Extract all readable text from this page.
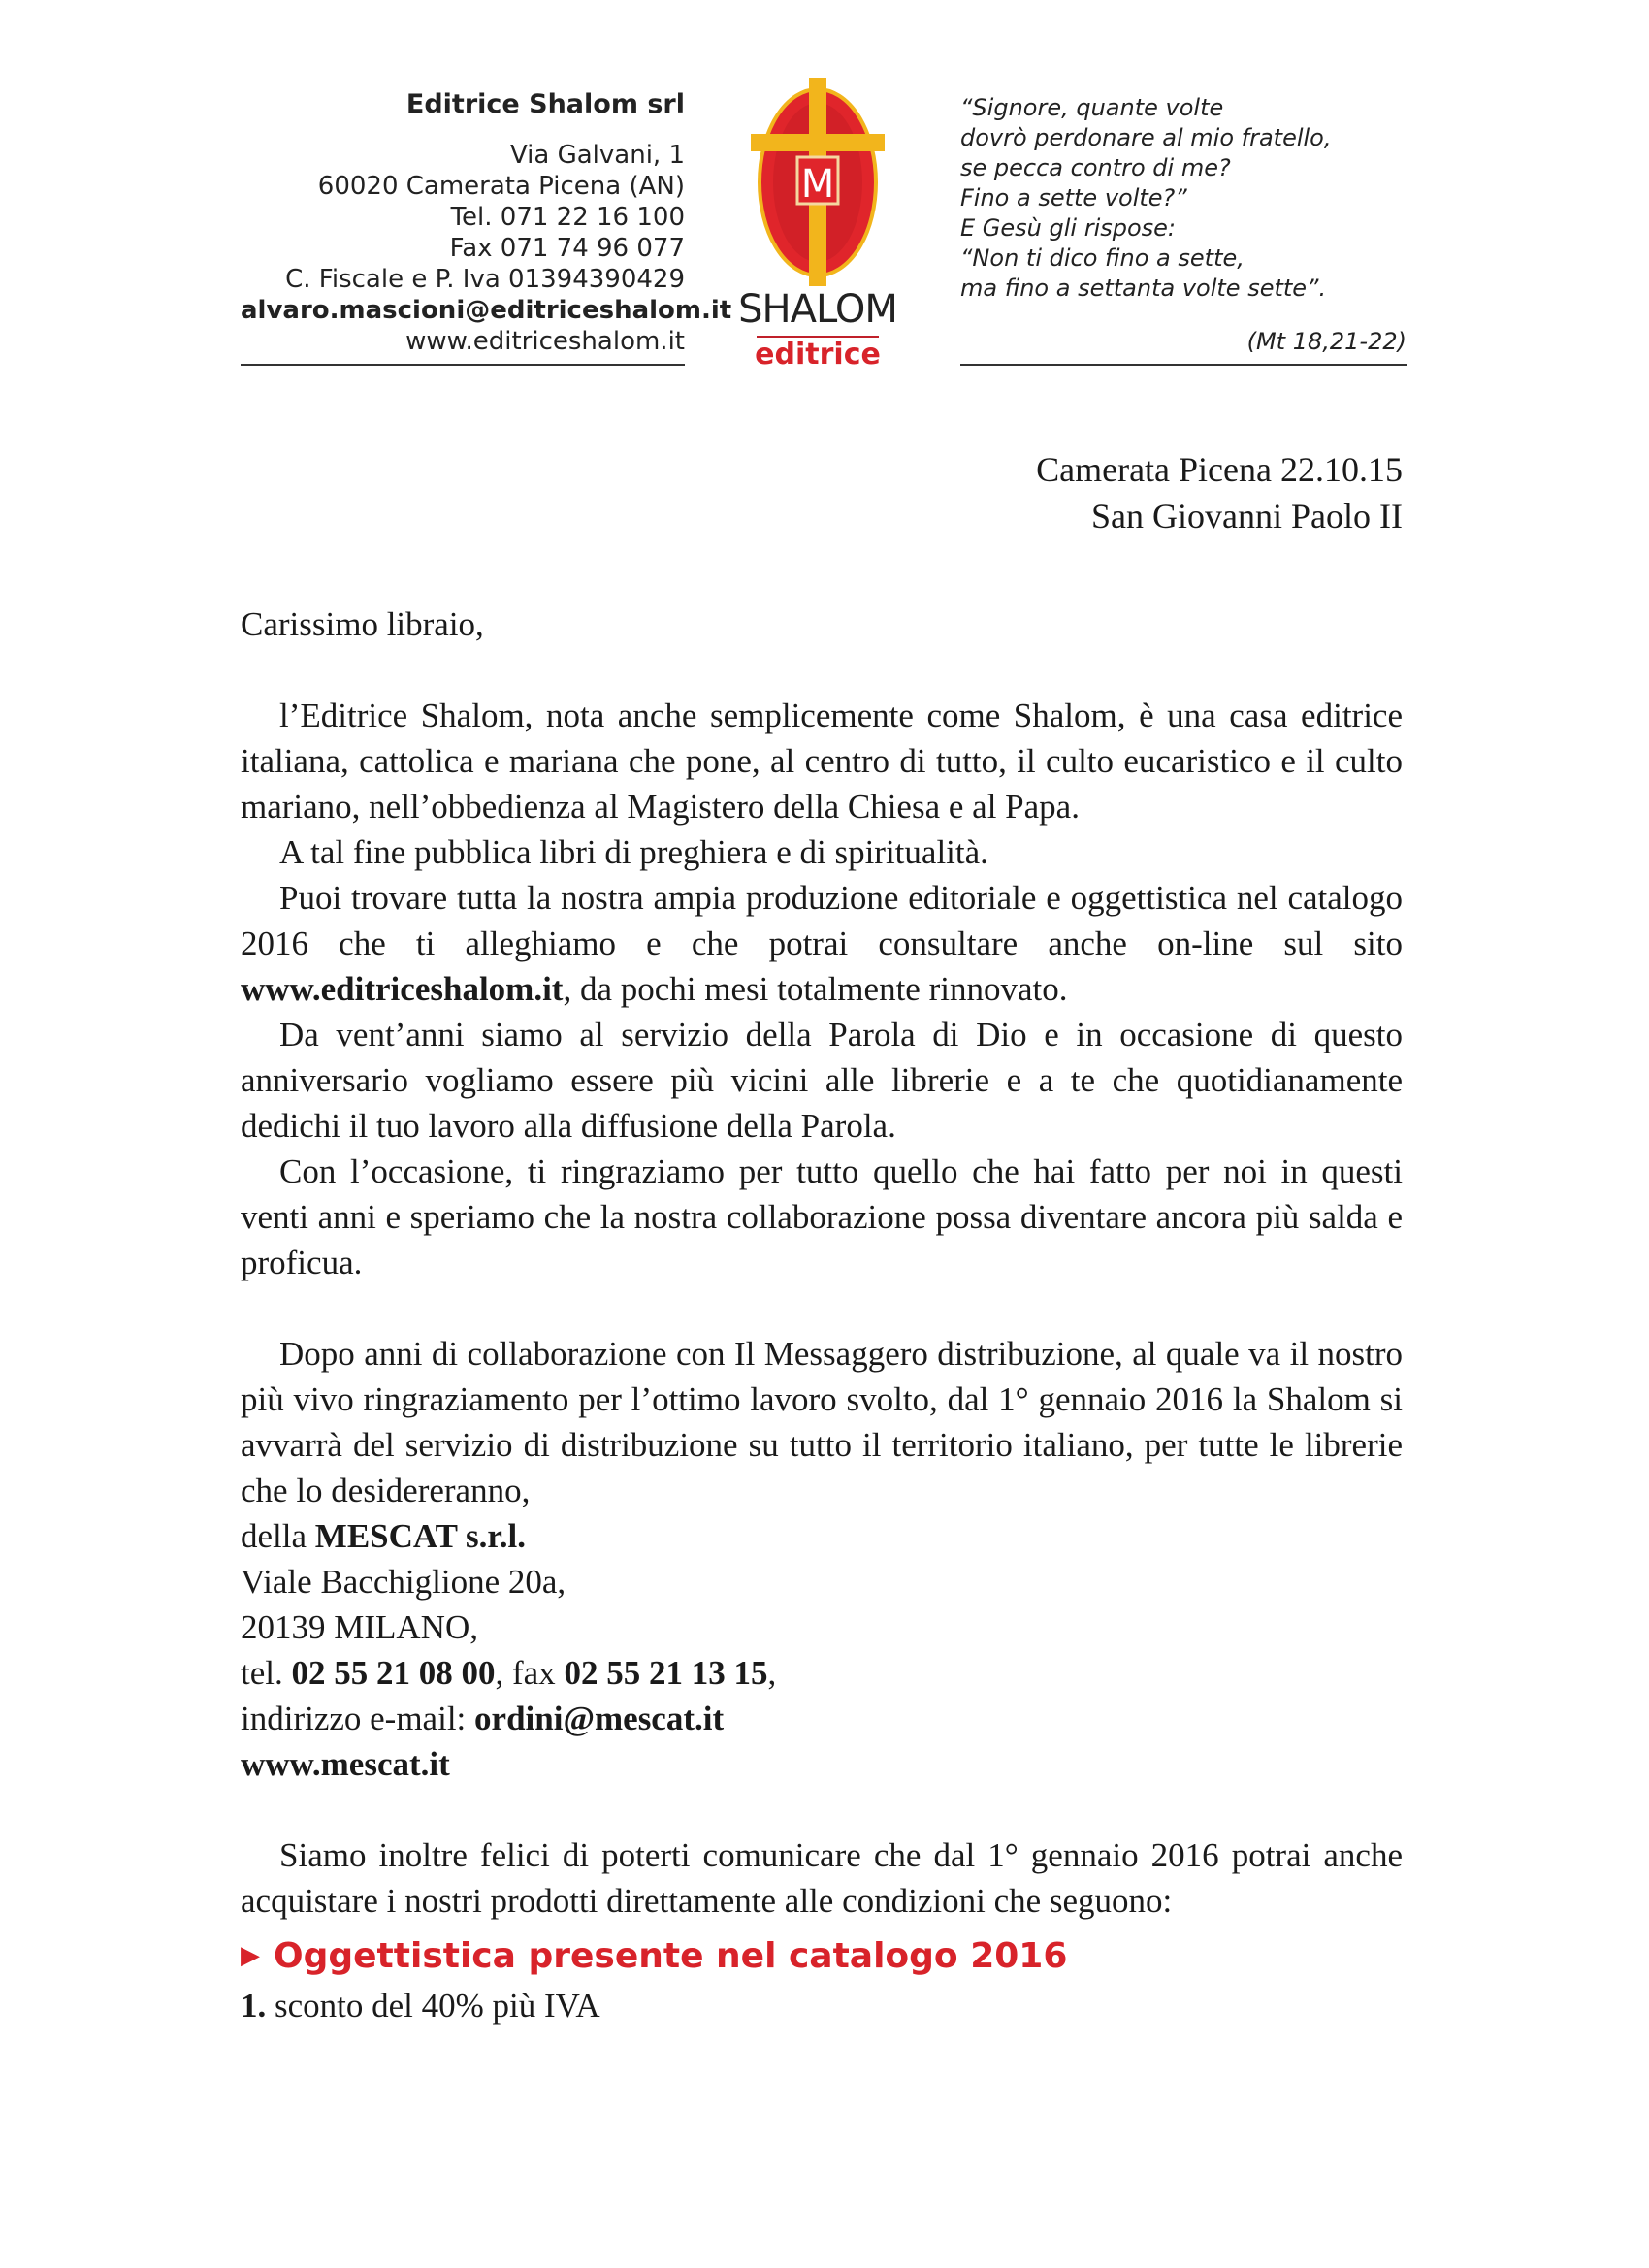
Editrice Shalom srl
Via Galvani, 1
60020 Camerata Picena (AN)
Tel. 071 22 16 100
Fax 071 74 96 077
C. Fiscale e P. Iva 01394390429
alvaro.mascioni@editriceshalom.it
www.editriceshalom.it
M
SHALOM
editrice
“Signore, quante volte
dovrò perdonare al mio fratello,
se pecca contro di me?
Fino a sette volte?”
E Gesù gli rispose:
“Non ti dico fino a sette,
ma fino a settanta volte sette”.
(Mt 18,21-22)
Camerata Picena 22.10.15
San Giovanni Paolo II

Carissimo libraio,

l’Editrice Shalom, nota anche semplicemente come Shalom, è una casa editrice italiana, cattolica e mariana che pone, al centro di tutto, il culto eucaristico e il culto mariano, nell’obbedienza al Magistero della Chiesa e al Papa.

A tal fine pubblica libri di preghiera e di spiritualità.

Puoi trovare tutta la nostra ampia produzione editoriale e oggettistica nel catalogo 2016 che ti alleghiamo e che potrai consultare anche on-line sul sito www.editriceshalom.it, da pochi mesi totalmente rinnovato.

Da vent’anni siamo al servizio della Parola di Dio e in occasione di questo anniversario vogliamo essere più vicini alle librerie e a te che quotidianamente dedichi il tuo lavoro alla diffusione della Parola.

Con l’occasione, ti ringraziamo per tutto quello che hai fatto per noi in questi venti anni e speriamo che la nostra collaborazione possa diventare ancora più salda e proficua.

Dopo anni di collaborazione con Il Messaggero distribuzione, al quale va il nostro più vivo ringraziamento per l’ottimo lavoro svolto, dal 1° gennaio 2016 la Shalom si avvarrà del servizio di distribuzione su tutto il territorio italiano, per tutte le librerie che lo desidereranno,

della MESCAT s.r.l.
Viale Bacchiglione 20a,
20139 MILANO,
tel. 02 55 21 08 00, fax 02 55 21 13 15,
indirizzo e-mail: ordini@mescat.it
www.mescat.it

Siamo inoltre felici di poterti comunicare che dal 1° gennaio 2016 potrai anche acquistare i nostri prodotti direttamente alle condizioni che seguono:

▶ Oggettistica presente nel catalogo 2016
1. sconto del 40% più IVA
